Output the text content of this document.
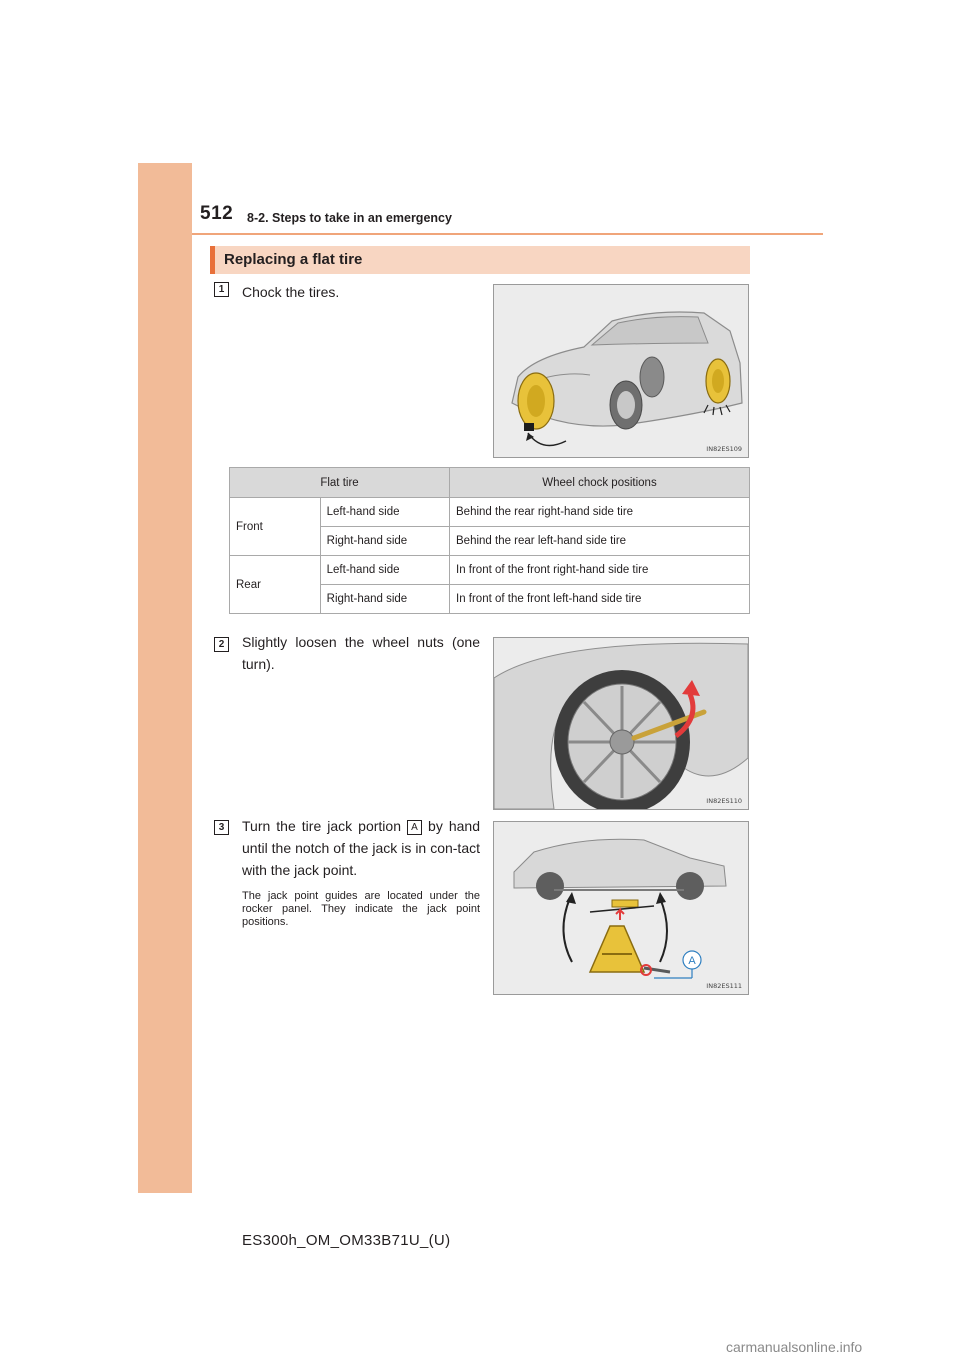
512 8-2. Steps to take in an emergency
Replacing a flat tire
1	Chock the tires.
IN82ES109
Flat tire		Wheel chock positions
Front	Left-hand side	Behind the rear right-hand side tire
	Right-hand side	Behind the rear left-hand side tire
Rear	Left-hand side	In front of the front right-hand side tire
	Right-hand side	In front of the front left-hand side tire
2	Slightly loosen the wheel nuts (one turn).
IN82ES110
3	Turn the tire jack portion A by hand until the notch of the jack is in con-tact with the jack point.
The jack point guides are located under the rocker panel. They indicate the jack point positions.
A
IN82ES111
ES300h_OM_OM33B71U_(U)
carmanualsonline.info
